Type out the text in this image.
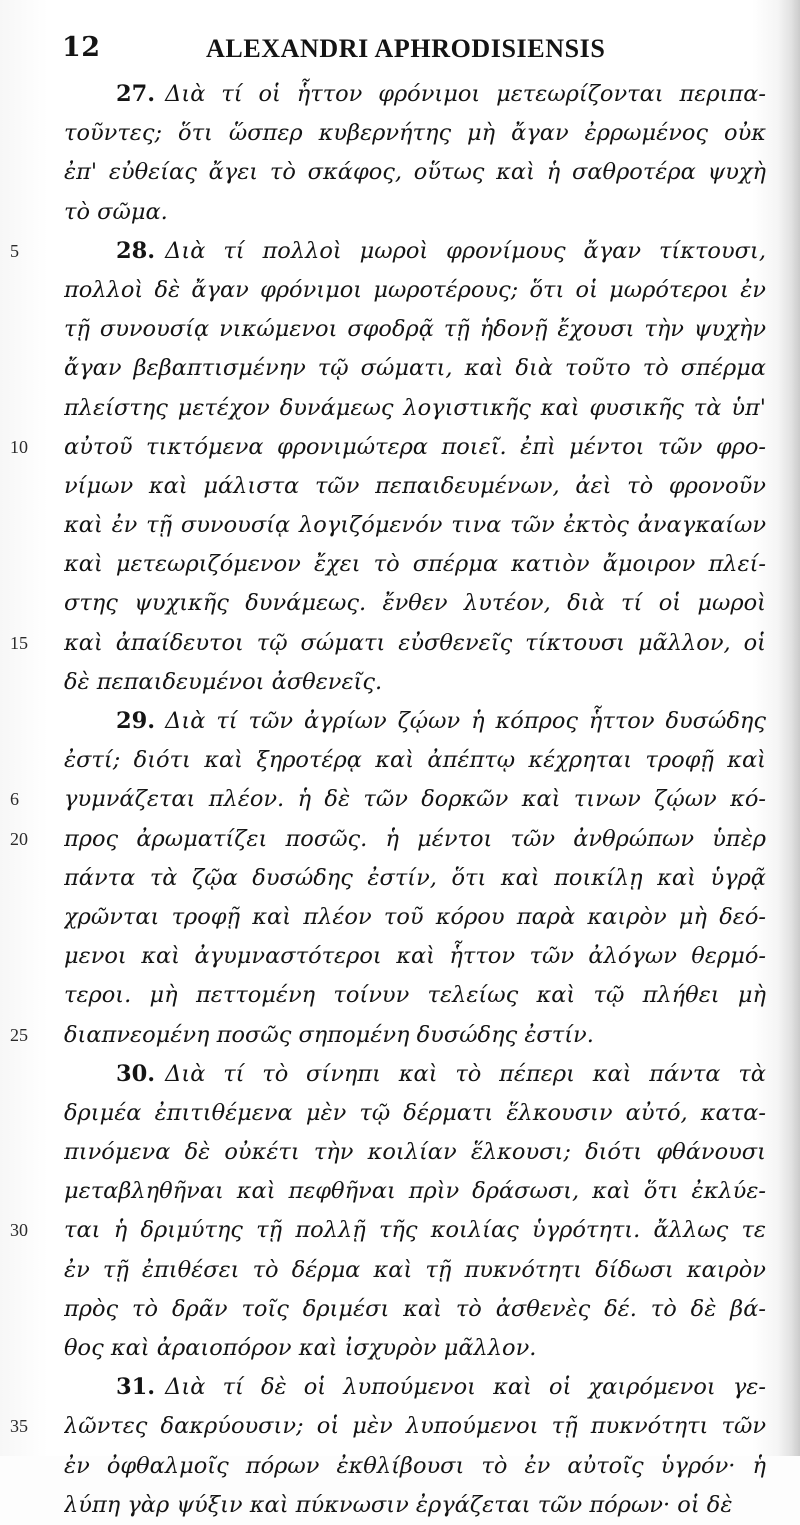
12	ALEXANDRI APHRODISIENSIS
27. Διὰ τί οἱ ἧττον φρόνιμοι μετεωρίζονται περιπα-
τοῦντες; ὅτι ὥσπερ κυβερνήτης μὴ ἄγαν ἐρρωμένος οὐκ
ἐπ' εὐθείας ἄγει τὸ σκάφος, οὕτως καὶ ἡ σαθροτέρα ψυχὴ
τὸ σῶμα.
5	28. Διὰ τί πολλοὶ μωροὶ φρονίμους ἄγαν τίκτουσι,
πολλοὶ δὲ ἄγαν φρόνιμοι μωροτέρους; ὅτι οἱ μωρότεροι ἐν
τῇ συνουσίᾳ νικώμενοι σφοδρᾷ τῇ ἡδονῇ ἔχουσι τὴν ψυχὴν
ἄγαν βεβαπτισμένην τῷ σώματι, καὶ διὰ τοῦτο τὸ σπέρμα
πλείστης μετέχον δυνάμεως λογιστικῆς καὶ φυσικῆς τὰ ὑπ'
10	αὐτοῦ τικτόμενα φρονιμώτερα ποιεῖ. ἐπὶ μέντοι τῶν φρο-
νίμων καὶ μάλιστα τῶν πεπαιδευμένων, ἀεὶ τὸ φρονοῦν
καὶ ἐν τῇ συνουσίᾳ λογιζόμενόν τινα τῶν ἐκτὸς ἀναγκαίων
καὶ μετεωριζόμενον ἔχει τὸ σπέρμα κατιὸν ἄμοιρον πλεί-
στης ψυχικῆς δυνάμεως. ἔνθεν λυτέον, διὰ τί οἱ μωροὶ
15	καὶ ἀπαίδευτοι τῷ σώματι εὐσθενεῖς τίκτουσι μᾶλλον, οἱ
δὲ πεπαιδευμένοι ἀσθενεῖς.
29. Διὰ τί τῶν ἀγρίων ζῴων ἡ κόπρος ἧττον δυσώδης
ἐστί; διότι καὶ ξηροτέρᾳ καὶ ἀπέπτῳ κέχρηται τροφῇ καὶ
6	γυμνάζεται πλέον. ἡ δὲ τῶν δορκῶν καὶ τινων ζῴων κό-
20	προς ἀρωματίζει ποσῶς. ἡ μέντοι τῶν ἀνθρώπων ὑπὲρ
πάντα τὰ ζῷα δυσώδης ἐστίν, ὅτι καὶ ποικίλῃ καὶ ὑγρᾷ
χρῶνται τροφῇ καὶ πλέον τοῦ κόρου παρὰ καιρὸν μὴ δεό-
μενοι καὶ ἀγυμναστότεροι καὶ ἧττον τῶν ἀλόγων θερμό-
τεροι. μὴ πεττομένη τοίνυν τελείως καὶ τῷ πλήθει μὴ
25	διαπνεομένη ποσῶς σηπομένη δυσώδης ἐστίν.
30. Διὰ τί τὸ σίνηπι καὶ τὸ πέπερι καὶ πάντα τὰ
δριμέα ἐπιτιθέμενα μὲν τῷ δέρματι ἕλκουσιν αὐτό, κατα-
πινόμενα δὲ οὐκέτι τὴν κοιλίαν ἕλκουσι; διότι φθάνουσι
μεταβληθῆναι καὶ πεφθῆναι πρὶν δράσωσι, καὶ ὅτι ἐκλύε-
30	ται ἡ δριμύτης τῇ πολλῇ τῆς κοιλίας ὑγρότητι. ἄλλως τε
ἐν τῇ ἐπιθέσει τὸ δέρμα καὶ τῇ πυκνότητι δίδωσι καιρὸν
πρὸς τὸ δρᾶν τοῖς δριμέσι καὶ τὸ ἀσθενὲς δέ. τὸ δὲ βά-
θος καὶ ἀραιοπόρον καὶ ἰσχυρὸν μᾶλλον.
31. Διὰ τί δὲ οἱ λυπούμενοι καὶ οἱ χαιρόμενοι γε-
35	λῶντες δακρύουσιν; οἱ μὲν λυπούμενοι τῇ πυκνότητι τῶν
ἐν ὀφθαλμοῖς πόρων ἐκθλίβουσι τὸ ἐν αὐτοῖς ὑγρόν· ἡ
λύπη γὰρ ψύξιν καὶ πύκνωσιν ἐργάζεται τῶν πόρων· οἱ δὲ
